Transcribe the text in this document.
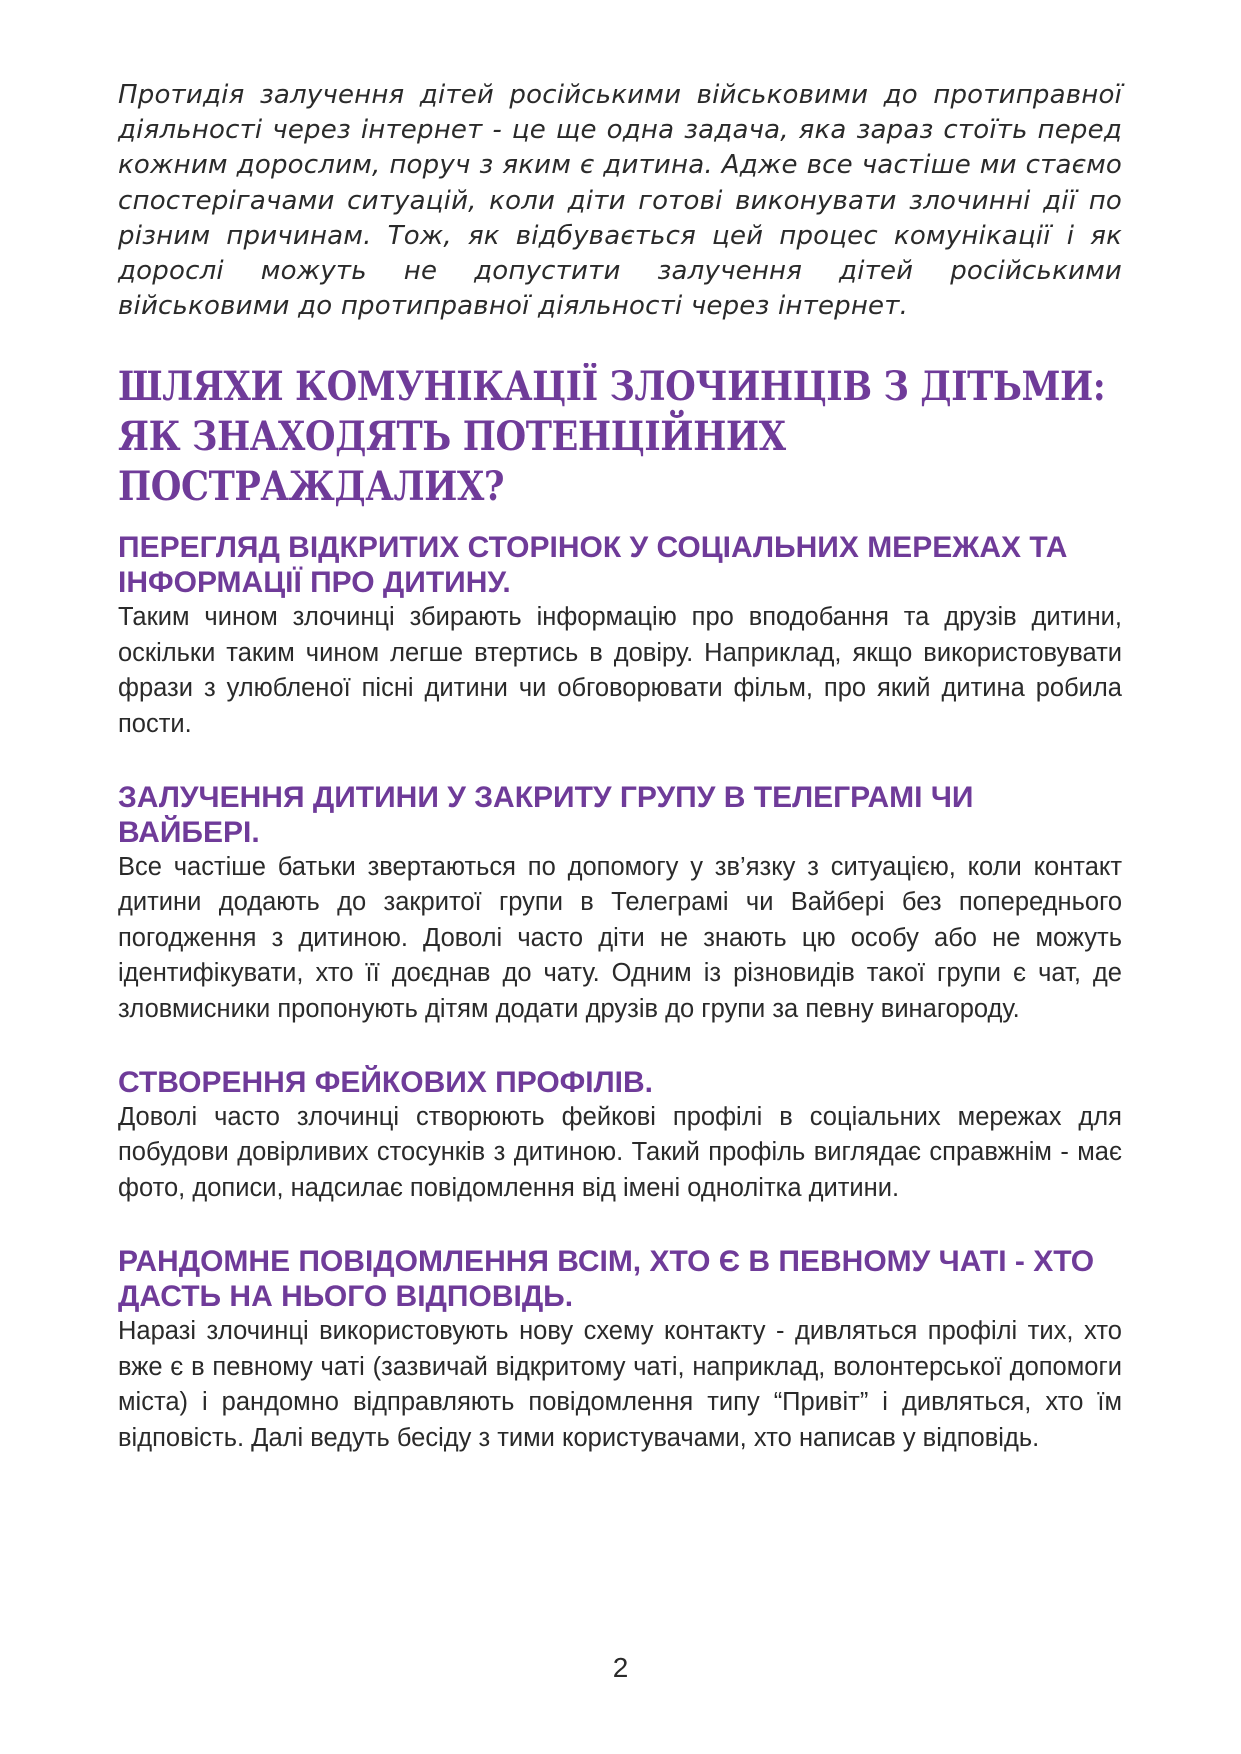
Протидія залучення дітей російськими військовими до протиправної діяльності через інтернет - це ще одна задача, яка зараз стоїть перед кожним дорослим, поруч з яким є дитина. Адже все частіше ми стаємо спостерігачами ситуацій, коли діти готові виконувати злочинні дії по різним причинам. Тож, як відбувається цей процес комунікації і як дорослі можуть не допустити залучення дітей російськими військовими до протиправної діяльності через інтернет.

ШЛЯХИ КОМУНІКАЦІЇ ЗЛОЧИНЦІВ З ДІТЬМИ: ЯК ЗНАХОДЯТЬ ПОТЕНЦІЙНИХ ПОСТРАЖДАЛИХ?
ПЕРЕГЛЯД ВІДКРИТИХ СТОРІНОК У СОЦІАЛЬНИХ МЕРЕЖАХ ТА ІНФОРМАЦІЇ ПРО ДИТИНУ.

Таким чином злочинці збирають інформацію про вподобання та друзів дитини, оскільки таким чином легше втертись в довіру. Наприклад, якщо використовувати фрази з улюбленої пісні дитини чи обговорювати фільм, про який дитина робила пости.

ЗАЛУЧЕННЯ ДИТИНИ У ЗАКРИТУ ГРУПУ В ТЕЛЕГРАМІ ЧИ ВАЙБЕРІ.

Все частіше батьки звертаються по допомогу у зв’язку з ситуацією, коли контакт дитини додають до закритої групи в Телеграмі чи Вайбері без попереднього погодження з дитиною. Доволі часто діти не знають цю особу або не можуть ідентифікувати, хто її доєднав до чату. Одним із різновидів такої групи є чат, де зловмисники пропонують дітям додати друзів до групи за певну винагороду.

СТВОРЕННЯ ФЕЙКОВИХ ПРОФІЛІВ.

Доволі часто злочинці створюють фейкові профілі в соціальних мережах для побудови довірливих стосунків з дитиною. Такий профіль виглядає справжнім - має фото, дописи, надсилає повідомлення від імені однолітка дитини.

РАНДОМНЕ ПОВІДОМЛЕННЯ ВСІМ, ХТО Є В ПЕВНОМУ ЧАТІ - ХТО ДАСТЬ НА НЬОГО ВІДПОВІДЬ.

Наразі злочинці використовують нову схему контакту - дивляться профілі тих, хто вже є в певному чаті (зазвичай відкритому чаті, наприклад, волонтерської допомоги міста) і рандомно відправляють повідомлення типу “Привіт” і дивляться, хто їм відповість. Далі ведуть бесіду з тими користувачами, хто написав у відповідь.

2
